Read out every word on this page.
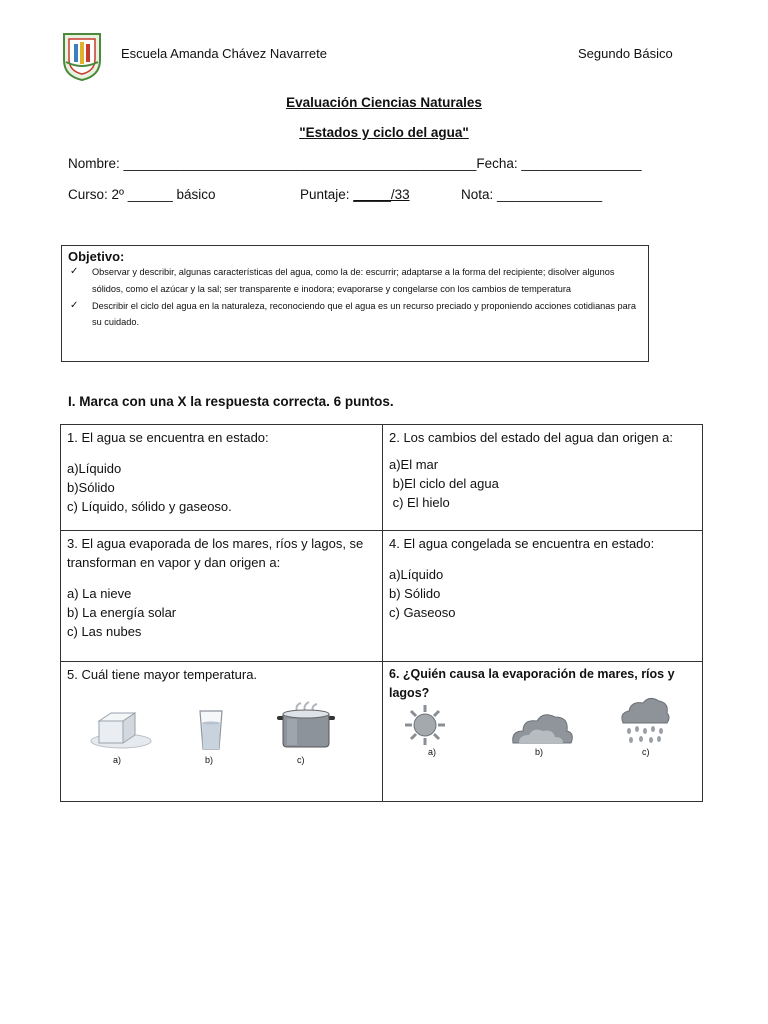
Escuela Amanda Chávez Navarrete	Segundo Básico
Evaluación Ciencias Naturales
"Estados y ciclo del agua"
Nombre: _______________________________________________Fecha: ________________
Curso: 2º ______ básico	Puntaje: _____/33	Nota: ______________
Objetivo:
✓ Observar y describir, algunas características del agua, como la de: escurrir; adaptarse a la forma del recipiente; disolver algunos sólidos, como el azúcar y la sal; ser transparente e inodora; evaporarse y congelarse con los cambios de temperatura
✓ Describir el ciclo del agua en la naturaleza, reconociendo que el agua es un recurso preciado y proponiendo acciones cotidianas para su cuidado.
I. Marca con una X la respuesta correcta. 6 puntos.
1. El agua se encuentra en estado:
a)Líquido
b)Sólido
c) Líquido, sólido y gaseoso.
2. Los cambios del estado del agua dan origen a:
a)El mar
b)El ciclo del agua
c) El hielo
3. El agua evaporada de los mares, ríos y lagos, se transforman en vapor y dan origen a:
a) La nieve
b) La energía solar
c) Las nubes
4. El agua congelada se encuentra en estado:
a)Líquido
b) Sólido
c) Gaseoso
5. Cuál tiene mayor temperatura.
a)	b)	c)
6. ¿Quién causa la evaporación de mares, ríos y lagos?
a)	b)	c)
